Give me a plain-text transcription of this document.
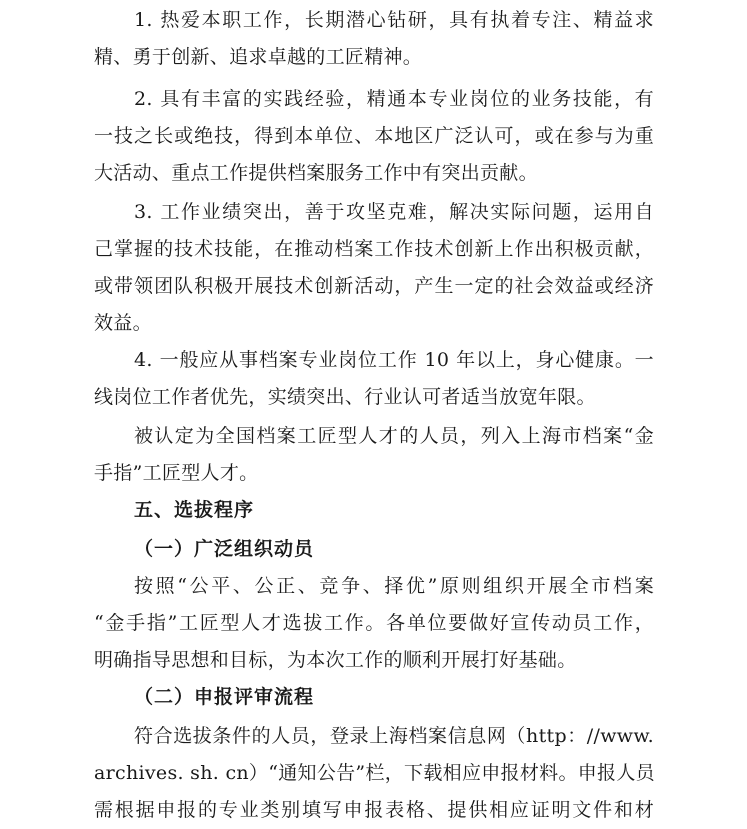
1. 热爱本职工作，长期潜心钻研，具有执着专注、精益求
精、勇于创新、追求卓越的工匠精神。
2. 具有丰富的实践经验，精通本专业岗位的业务技能，有
一技之长或绝技，得到本单位、本地区广泛认可，或在参与为重
大活动、重点工作提供档案服务工作中有突出贡献。
3. 工作业绩突出，善于攻坚克难，解决实际问题，运用自
己掌握的技术技能，在推动档案工作技术创新上作出积极贡献，
或带领团队积极开展技术创新活动，产生一定的社会效益或经济
效益。
4. 一般应从事档案专业岗位工作 10 年以上，身心健康。一
线岗位工作者优先，实绩突出、行业认可者适当放宽年限。
被认定为全国档案工匠型人才的人员，列入上海市档案“金
手指”工匠型人才。
五、选拔程序
（一）广泛组织动员
按照“公平、公正、竞争、择优”原则组织开展全市档案
“金手指”工匠型人才选拔工作。各单位要做好宣传动员工作，
明确指导思想和目标，为本次工作的顺利开展打好基础。
（二）申报评审流程
符合选拔条件的人员，登录上海档案信息网（http：//www.
archives. sh. cn）“通知公告”栏，下载相应申报材料。申报人员
需根据申报的专业类别填写申报表格、提供相应证明文件和材
